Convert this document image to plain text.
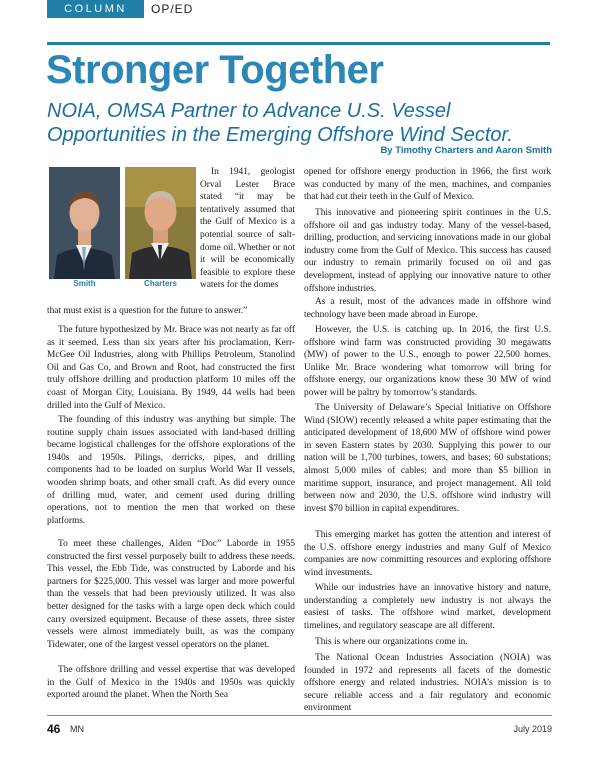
COLUMN	OP/ED
Stronger Together
NOIA, OMSA Partner to Advance U.S. Vessel Opportunities in the Emerging Offshore Wind Sector.
By Timothy Charters and Aaron Smith
Smith	Charters

In 1941, geologist Orval Lester Brace stated “it may be tentatively assumed that the Gulf of Mexico is a potential source of salt-dome oil. Whether or not it will be economically feasible to explore these waters for the domes

that must exist is a question for the future to answer.”

The future hypothesized by Mr. Brace was not nearly as far off as it seemed. Less than six years after his proclamation, Kerr-McGee Oil Industries, along with Phillips Petroleum, Stanolind Oil and Gas Co, and Brown and Root, had constructed the first truly offshore drilling and production platform 10 miles off the coast of Morgan City, Louisiana. By 1949, 44 wells had been drilled into the Gulf of Mexico.

The founding of this industry was anything but simple. The routine supply chain issues associated with land-based drilling became logistical challenges for the offshore explorations of the 1940s and 1950s. Pilings, derricks, pipes, and drilling components had to be loaded on surplus World War II vessels, wooden shrimp boats, and other small craft. As did every ounce of drilling mud, water, and cement used during drilling operations, not to mention the men that worked on these platforms.

To meet these challenges, Alden “Doc” Laborde in 1955 constructed the first vessel purposely built to address these needs. This vessel, the Ebb Tide, was constructed by Laborde and his partners for $225,000. This vessel was larger and more powerful than the vessels that had been previously utilized. It was also better designed for the tasks with a large open deck which could carry oversized equipment. Because of these assets, three sister vessels were almost immediately built, as was the company Tidewater, one of the largest vessel operators on the planet.

The offshore drilling and vessel expertise that was developed in the Gulf of Mexico in the 1940s and 1950s was quickly exported around the planet. When the North Sea

opened for offshore energy production in 1966, the first work was conducted by many of the men, machines, and companies that had cut their teeth in the Gulf of Mexico.

This innovative and pioneering spirit continues in the U.S. offshore oil and gas industry today. Many of the vessel-based, drilling, production, and servicing innovations made in our global industry come from the Gulf of Mexico. This success has caused our industry to remain primarily focused on oil and gas development, instead of applying our innovative nature to other offshore industries.

As a result, most of the advances made in offshore wind technology have been made abroad in Europe.

However, the U.S. is catching up. In 2016, the first U.S. offshore wind farm was constructed providing 30 megawatts (MW) of power to the U.S., enough to power 22,500 homes. Unlike Mr. Brace wondering what tomorrow will bring for offshore energy, our organizations know these 30 MW of wind power will be paltry by tomorrow’s standards.

The University of Delaware’s Special Initiative on Offshore Wind (SIOW) recently released a white paper estimating that the anticipated development of 18,600 MW of offshore wind power in seven Eastern states by 2030. Supplying this power to our nation will be 1,700 turbines, towers, and bases; 60 substations; almost 5,000 miles of cables; and more than $5 billion in maritime support, insurance, and project management. All told between now and 2030, the U.S. offshore wind industry will invest $70 billion in capital expenditures.

This emerging market has gotten the attention and interest of the U.S. offshore energy industries and many Gulf of Mexico companies are now committing resources and exploring offshore wind investments.

While our industries have an innovative history and nature, understanding a completely new industry is not always the easiest of tasks. The offshore wind market, development timelines, and regulatory seascape are all different.

This is where our organizations come in.

The National Ocean Industries Association (NOIA) was founded in 1972 and represents all facets of the domestic offshore energy and related industries. NOIA’s mission is to secure reliable access and a fair regulatory and economic environment

46 MN	July 2019
